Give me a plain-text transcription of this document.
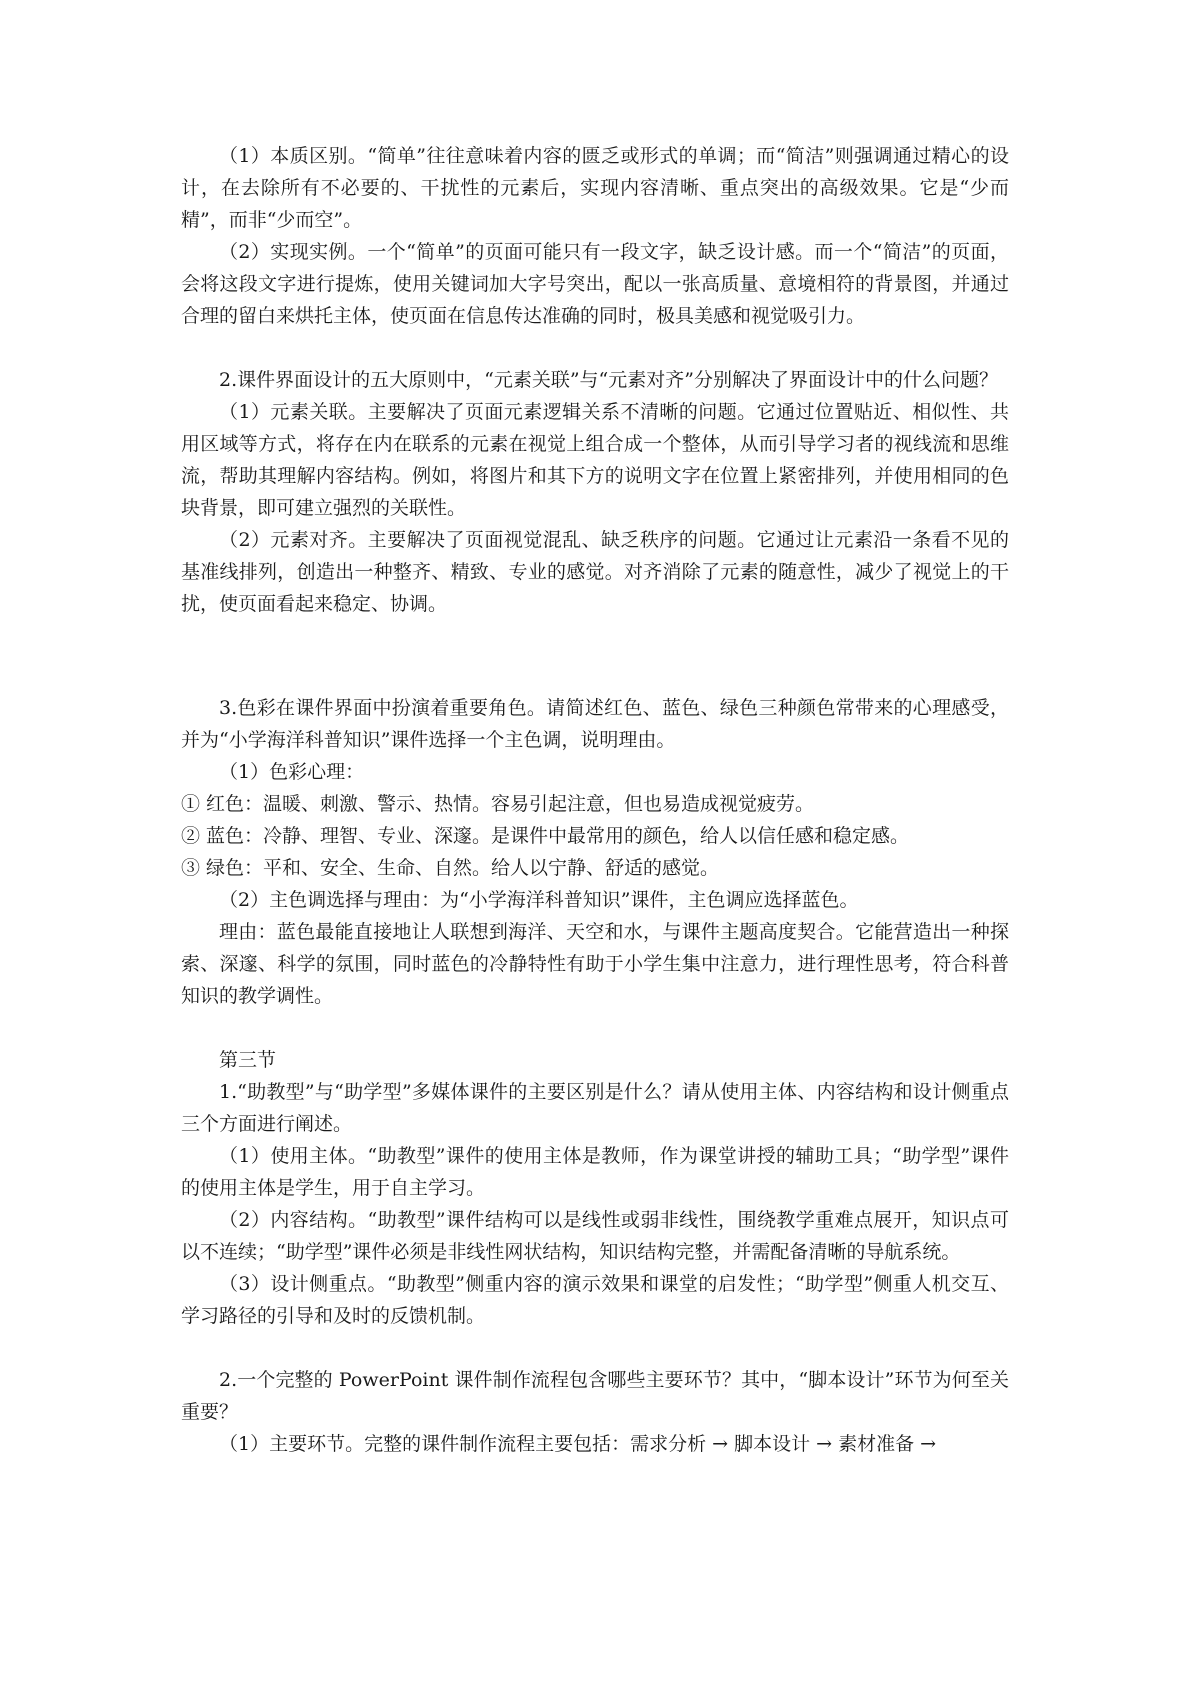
（1）本质区别。“简单”往往意味着内容的匮乏或形式的单调；而“简洁”则强调通过精心的设计，在去除所有不必要的、干扰性的元素后，实现内容清晰、重点突出的高级效果。它是“少而精”，而非“少而空”。

（2）实现实例。一个“简单”的页面可能只有一段文字，缺乏设计感。而一个“简洁”的页面，会将这段文字进行提炼，使用关键词加大字号突出，配以一张高质量、意境相符的背景图，并通过合理的留白来烘托主体，使页面在信息传达准确的同时，极具美感和视觉吸引力。

2.课件界面设计的五大原则中，“元素关联”与“元素对齐”分别解决了界面设计中的什么问题？

（1）元素关联。主要解决了页面元素逻辑关系不清晰的问题。它通过位置贴近、相似性、共用区域等方式，将存在内在联系的元素在视觉上组合成一个整体，从而引导学习者的视线流和思维流，帮助其理解内容结构。例如，将图片和其下方的说明文字在位置上紧密排列，并使用相同的色块背景，即可建立强烈的关联性。

（2）元素对齐。主要解决了页面视觉混乱、缺乏秩序的问题。它通过让元素沿一条看不见的基准线排列，创造出一种整齐、精致、专业的感觉。对齐消除了元素的随意性，减少了视觉上的干扰，使页面看起来稳定、协调。

3.色彩在课件界面中扮演着重要角色。请简述红色、蓝色、绿色三种颜色常带来的心理感受，并为“小学海洋科普知识”课件选择一个主色调，说明理由。

（1）色彩心理：

① 红色：温暖、刺激、警示、热情。容易引起注意，但也易造成视觉疲劳。

② 蓝色：冷静、理智、专业、深邃。是课件中最常用的颜色，给人以信任感和稳定感。

③ 绿色：平和、安全、生命、自然。给人以宁静、舒适的感觉。

（2）主色调选择与理由：为“小学海洋科普知识”课件，主色调应选择蓝色。

理由：蓝色最能直接地让人联想到海洋、天空和水，与课件主题高度契合。它能营造出一种探索、深邃、科学的氛围，同时蓝色的冷静特性有助于小学生集中注意力，进行理性思考，符合科普知识的教学调性。

第三节

1.“助教型”与“助学型”多媒体课件的主要区别是什么？请从使用主体、内容结构和设计侧重点三个方面进行阐述。

（1）使用主体。“助教型”课件的使用主体是教师，作为课堂讲授的辅助工具；“助学型”课件的使用主体是学生，用于自主学习。

（2）内容结构。“助教型”课件结构可以是线性或弱非线性，围绕教学重难点展开，知识点可以不连续；“助学型”课件必须是非线性网状结构，知识结构完整，并需配备清晰的导航系统。

（3）设计侧重点。“助教型”侧重内容的演示效果和课堂的启发性；“助学型”侧重人机交互、学习路径的引导和及时的反馈机制。

2.一个完整的 PowerPoint 课件制作流程包含哪些主要环节？其中，“脚本设计”环节为何至关重要？

（1）主要环节。完整的课件制作流程主要包括：需求分析 → 脚本设计 → 素材准备 →
